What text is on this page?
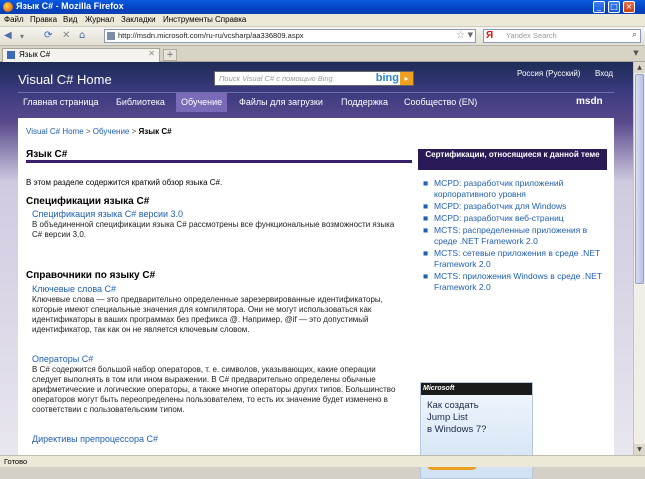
Язык C# - Mozilla Firefox	_	□ ×
Файл Правка Вид Журнал Закладки Инструменты Справка
◀ ▾ ⟳ ✕ ⌂	http://msdn.microsoft.com/ru-ru/vcsharp/aa336809.aspx	☆ ▼ Я Yandex Search	⌕
Язык C#	✕	+	▼
Visual C# Home	Поиск Visual C# с помощью Bing	bing ▸
Россия (Русский) Вход
Главная страница	Библиотека	Обучение	Файлы для загрузки	Поддержка	Сообщество (EN)	msdn
Visual C# Home > Обучение > Язык C#
Язык C#
В этом разделе содержится краткий обзор языка C#.
Спецификации языка C#
Спецификация языка C# версии 3.0
В объединенной спецификации языка C# рассмотрены все функциональные возможности языка C# версии 3.0.
Справочники по языку C#
Ключевые слова C#
Ключевые слова — это предварительно определенные зарезервированные идентификаторы, которые имеют специальные значения для компилятора. Они не могут использоваться как идентификаторы в ваших программах без префикса @. Например, @if — это допустимый идентификатор, так как он не является ключевым словом.
Операторы C#
В C# содержится большой набор операторов, т. е. символов, указывающих, какие операции следует выполнять в том или ином выражении. В C# предварительно определены обычные арифметические и логические операторы, а также многие операторы других типов. Большинство операторов могут быть переопределены пользователем, то есть их значение будет изменено в соответствии с пользовательским типом.
Директивы препроцессора C#
Сертификации, относящиеся к данной теме
■ MCPD: разработчик приложений корпоративного уровня
■ MCPD: разработчик для Windows
■ MCPD: разработчик веб-страниц
■ MCTS: распределенные приложения в среде .NET Framework 2.0
■ MCTS: сетевые приложения в среде .NET Framework 2.0
■ MCTS: приложения Windows в среде .NET Framework 2.0
Microsoft
Как создать
Jump List
в Windows 7?
▲
▼
Готово
